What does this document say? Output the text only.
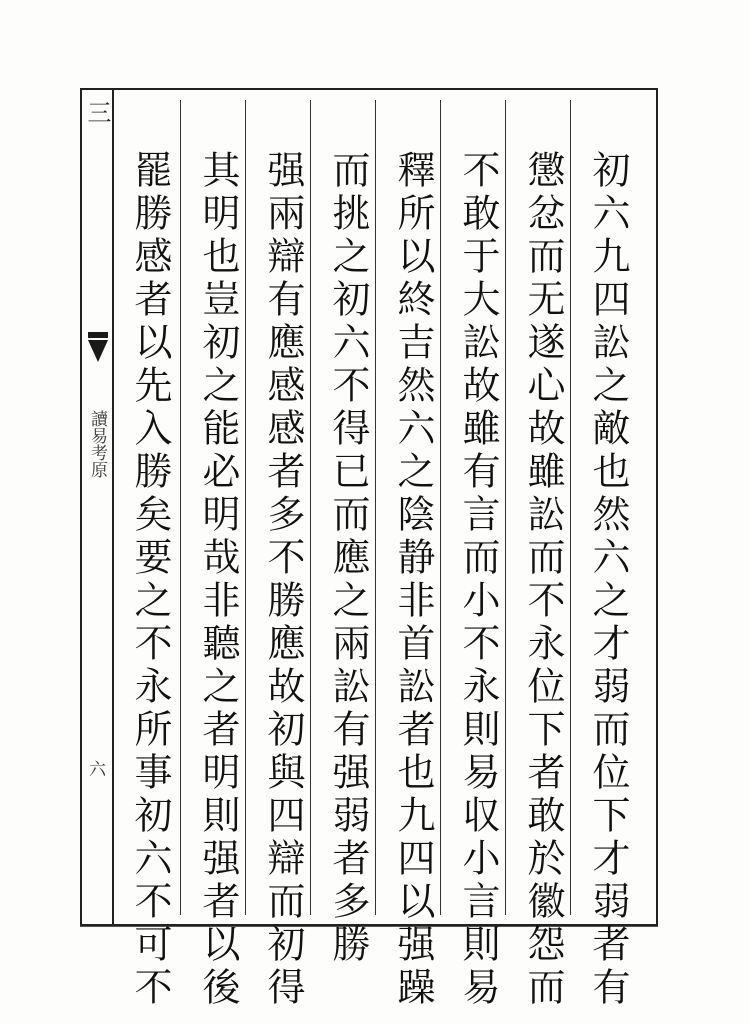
三
讀易考原
六	初六九四訟之敵也然六之才弱而位下才弱者有
懲忿而无遂心故雖訟而不永位下者敢於徽怨而
不敢于大訟故雖有言而小不永則易収小言則易
釋所以終吉然六之陰静非首訟者也九四以强躁
而挑之初六不得已而應之兩訟有强弱者多勝
强兩辯有應感感者多不勝應故初與四辯而初得
其明也豈初之能必明哉非聽之者明則强者以後
罷勝感者以先入勝矣要之不永所事初六不可不
